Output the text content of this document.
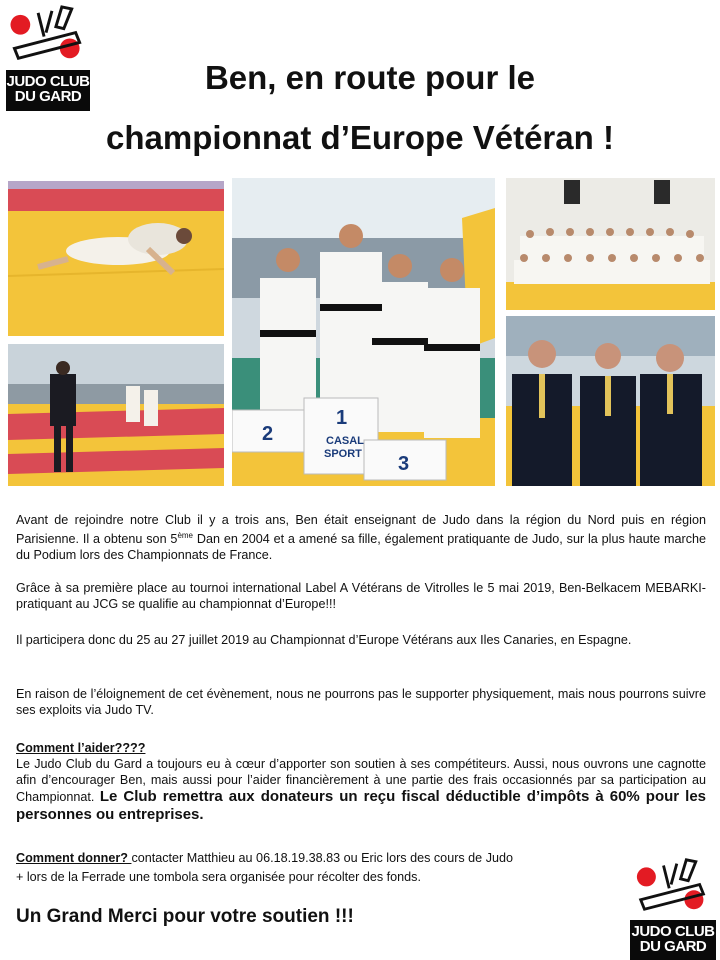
JUDO CLUB
DU GARD
Ben, en route pour le
championnat d’Europe Vétéran !
2
1
CASAL
SPORT 3

Avant de rejoindre notre Club il y a trois ans, Ben était enseignant de Judo dans la région du Nord puis en région Parisienne. Il a obtenu son 5ème Dan en 2004 et a amené sa fille, également pratiquante de Judo, sur la plus haute marche du Podium lors des Championnats de France.

Grâce à sa première place au tournoi international Label A Vétérans de Vitrolles le 5 mai 2019, Ben-Belkacem MEBARKI- pratiquant au JCG se qualifie au championnat d’Europe!!!
Il participera donc du 25 au 27 juillet 2019 au Championnat d’Europe Vétérans aux Iles Canaries, en Espagne.
En raison de l’éloignement de cet évènement, nous ne pourrons pas le supporter physiquement, mais nous pourrons suivre ses exploits via Judo TV.

Comment l’aider????

Le Judo Club du Gard a toujours eu à cœur d’apporter son soutien à ses compétiteurs. Aussi, nous ouvrons une cagnotte afin d’encourager Ben, mais aussi pour l’aider financièrement à une partie des frais occasionnés par sa participation au Championnat. Le Club remettra aux donateurs un reçu fiscal déductible d’impôts à 60% pour les personnes ou entreprises.

Comment donner? contacter Matthieu au 06.18.19.38.83 ou Eric lors des cours de Judo

+ lors de la Ferrade une tombola sera organisée pour récolter des fonds.

Un Grand Merci pour votre soutien !!!
JUDO CLUB
DU GARD
